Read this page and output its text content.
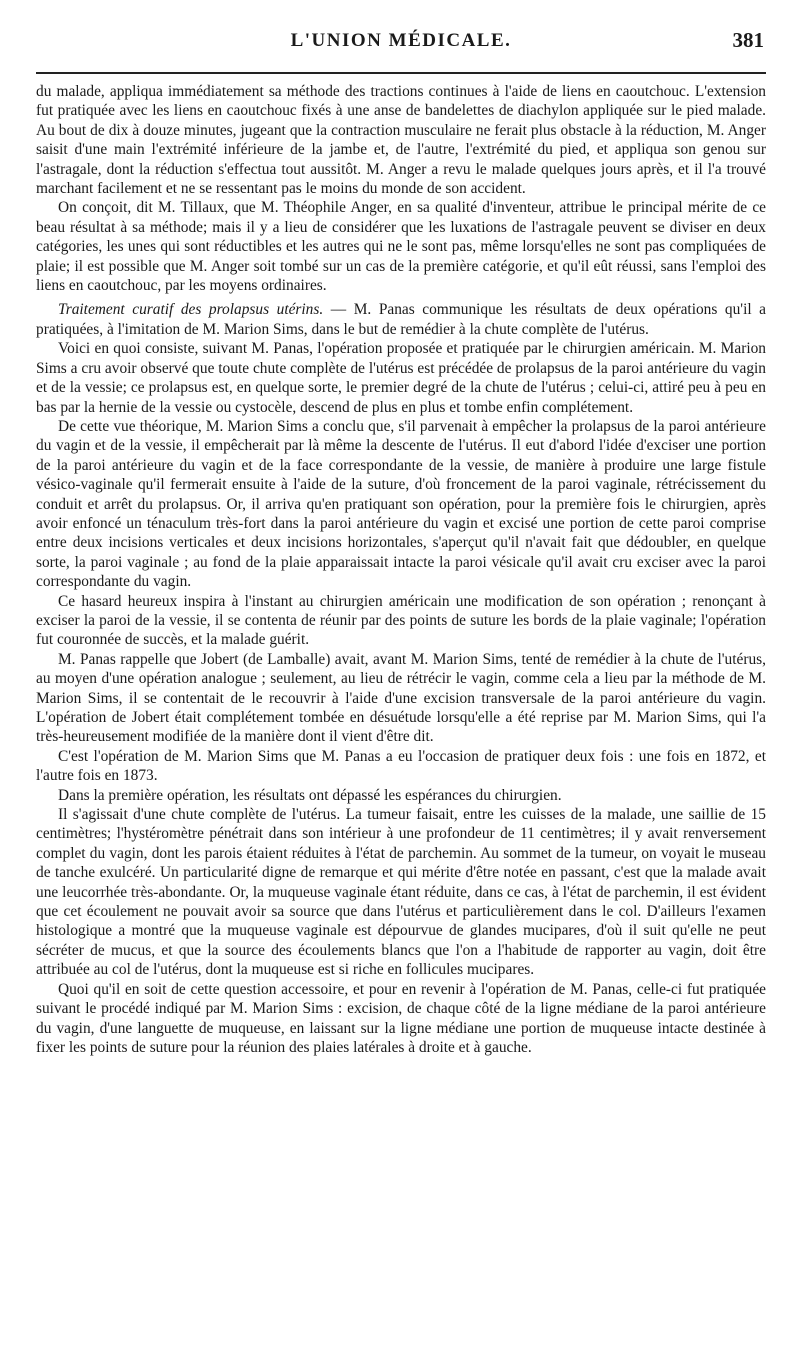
L'UNION MÉDICALE.	381

du malade, appliqua immédiatement sa méthode des tractions continues à l'aide de liens en caoutchouc. L'extension fut pratiquée avec les liens en caoutchouc fixés à une anse de bandelettes de diachylon appliquée sur le pied malade. Au bout de dix à douze minutes, jugeant que la contraction musculaire ne ferait plus obstacle à la réduction, M. Anger saisit d'une main l'extrémité inférieure de la jambe et, de l'autre, l'extrémité du pied, et appliqua son genou sur l'astragale, dont la réduction s'effectua tout aussitôt. M. Anger a revu le malade quelques jours après, et il l'a trouvé marchant facilement et ne se ressentant pas le moins du monde de son accident.

On conçoit, dit M. Tillaux, que M. Théophile Anger, en sa qualité d'inventeur, attribue le principal mérite de ce beau résultat à sa méthode; mais il y a lieu de considérer que les luxations de l'astragale peuvent se diviser en deux catégories, les unes qui sont réductibles et les autres qui ne le sont pas, même lorsqu'elles ne sont pas compliquées de plaie; il est possible que M. Anger soit tombé sur un cas de la première catégorie, et qu'il eût réussi, sans l'emploi des liens en caoutchouc, par les moyens ordinaires.

Traitement curatif des prolapsus utérins. — M. Panas communique les résultats de deux opérations qu'il a pratiquées, à l'imitation de M. Marion Sims, dans le but de remédier à la chute complète de l'utérus.

Voici en quoi consiste, suivant M. Panas, l'opération proposée et pratiquée par le chirurgien américain. M. Marion Sims a cru avoir observé que toute chute complète de l'utérus est précédée de prolapsus de la paroi antérieure du vagin et de la vessie; ce prolapsus est, en quelque sorte, le premier degré de la chute de l'utérus ; celui-ci, attiré peu à peu en bas par la hernie de la vessie ou cystocèle, descend de plus en plus et tombe enfin complétement.

De cette vue théorique, M. Marion Sims a conclu que, s'il parvenait à empêcher la prolapsus de la paroi antérieure du vagin et de la vessie, il empêcherait par là même la descente de l'utérus. Il eut d'abord l'idée d'exciser une portion de la paroi antérieure du vagin et de la face correspondante de la vessie, de manière à produire une large fistule vésico-vaginale qu'il fermerait ensuite à l'aide de la suture, d'où froncement de la paroi vaginale, rétrécissement du conduit et arrêt du prolapsus. Or, il arriva qu'en pratiquant son opération, pour la première fois le chirurgien, après avoir enfoncé un ténaculum très-fort dans la paroi antérieure du vagin et excisé une portion de cette paroi comprise entre deux incisions verticales et deux incisions horizontales, s'aperçut qu'il n'avait fait que dédoubler, en quelque sorte, la paroi vaginale ; au fond de la plaie apparaissait intacte la paroi vésicale qu'il avait cru exciser avec la paroi correspondante du vagin.

Ce hasard heureux inspira à l'instant au chirurgien américain une modification de son opération ; renonçant à exciser la paroi de la vessie, il se contenta de réunir par des points de suture les bords de la plaie vaginale; l'opération fut couronnée de succès, et la malade guérit.

M. Panas rappelle que Jobert (de Lamballe) avait, avant M. Marion Sims, tenté de remédier à la chute de l'utérus, au moyen d'une opération analogue ; seulement, au lieu de rétrécir le vagin, comme cela a lieu par la méthode de M. Marion Sims, il se contentait de le recouvrir à l'aide d'une excision transversale de la paroi antérieure du vagin. L'opération de Jobert était complétement tombée en désuétude lorsqu'elle a été reprise par M. Marion Sims, qui l'a très-heureusement modifiée de la manière dont il vient d'être dit.

C'est l'opération de M. Marion Sims que M. Panas a eu l'occasion de pratiquer deux fois : une fois en 1872, et l'autre fois en 1873.

Dans la première opération, les résultats ont dépassé les espérances du chirurgien.

Il s'agissait d'une chute complète de l'utérus. La tumeur faisait, entre les cuisses de la malade, une saillie de 15 centimètres; l'hystéromètre pénétrait dans son intérieur à une profondeur de 11 centimètres; il y avait renversement complet du vagin, dont les parois étaient réduites à l'état de parchemin. Au sommet de la tumeur, on voyait le museau de tanche exulcéré. Un particularité digne de remarque et qui mérite d'être notée en passant, c'est que la malade avait une leucorrhée très-abondante. Or, la muqueuse vaginale étant réduite, dans ce cas, à l'état de parchemin, il est évident que cet écoulement ne pouvait avoir sa source que dans l'utérus et particulièrement dans le col. D'ailleurs l'examen histologique a montré que la muqueuse vaginale est dépourvue de glandes mucipares, d'où il suit qu'elle ne peut sécréter de mucus, et que la source des écoulements blancs que l'on a l'habitude de rapporter au vagin, doit être attribuée au col de l'utérus, dont la muqueuse est si riche en follicules mucipares.

Quoi qu'il en soit de cette question accessoire, et pour en revenir à l'opération de M. Panas, celle-ci fut pratiquée suivant le procédé indiqué par M. Marion Sims : excision, de chaque côté de la ligne médiane de la paroi antérieure du vagin, d'une languette de muqueuse, en laissant sur la ligne médiane une portion de muqueuse intacte destinée à fixer les points de suture pour la réunion des plaies latérales à droite et à gauche.
